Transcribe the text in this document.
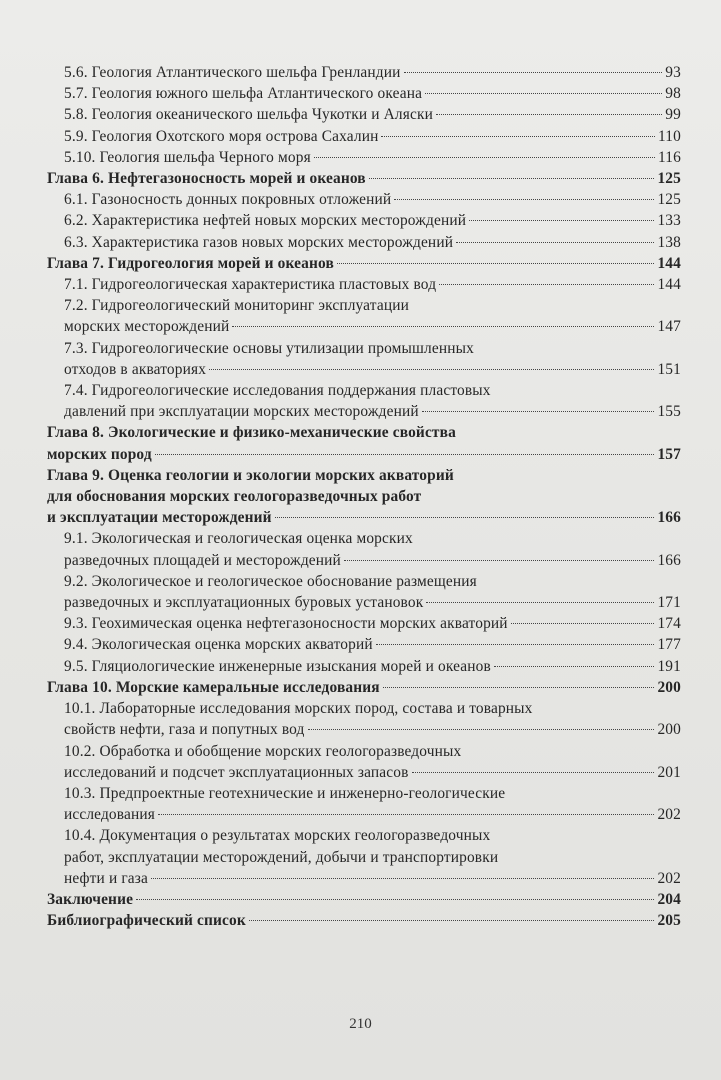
5.6. Геология Атлантического шельфа Гренландии	93
5.7. Геология южного шельфа Атлантического океана	98
5.8. Геология океанического шельфа Чукотки и Аляски	99
5.9. Геология Охотского моря острова Сахалин	110
5.10. Геология шельфа Черного моря	116
Глава 6. Нефтегазоносность морей и океанов	125
6.1. Газоносность донных покровных отложений	125
6.2. Характеристика нефтей новых морских месторождений	133
6.3. Характеристика газов новых морских месторождений	138
Глава 7. Гидрогеология морей и океанов	144
7.1. Гидрогеологическая характеристика пластовых вод	144
7.2. Гидрогеологический мониторинг эксплуатации
морских месторождений	147
7.3. Гидрогеологические основы утилизации промышленных
отходов в акваториях	151
7.4. Гидрогеологические исследования поддержания пластовых
давлений при эксплуатации морских месторождений	155
Глава 8. Экологические и физико-механические свойства
морских пород	157
Глава 9. Оценка геологии и экологии морских акваторий
для обоснования морских геологоразведочных работ
и эксплуатации месторождений	166
9.1. Экологическая и геологическая оценка морских
разведочных площадей и месторождений	166
9.2. Экологическое и геологическое обоснование размещения
разведочных и эксплуатационных буровых установок	171
9.3. Геохимическая оценка нефтегазоносности морских акваторий	174
9.4. Экологическая оценка морских акваторий	177
9.5. Гляциологические инженерные изыскания морей и океанов	191
Глава 10. Морские камеральные исследования	200
10.1. Лабораторные исследования морских пород, состава и товарных
свойств нефти, газа и попутных вод	200
10.2. Обработка и обобщение морских геологоразведочных
исследований и подсчет эксплуатационных запасов	201
10.3. Предпроектные геотехнические и инженерно-геологические
исследования	202
10.4. Документация о результатах морских геологоразведочных
работ, эксплуатации месторождений, добычи и транспортировки
нефти и газа	202
Заключение	204
Библиографический список	205
210
